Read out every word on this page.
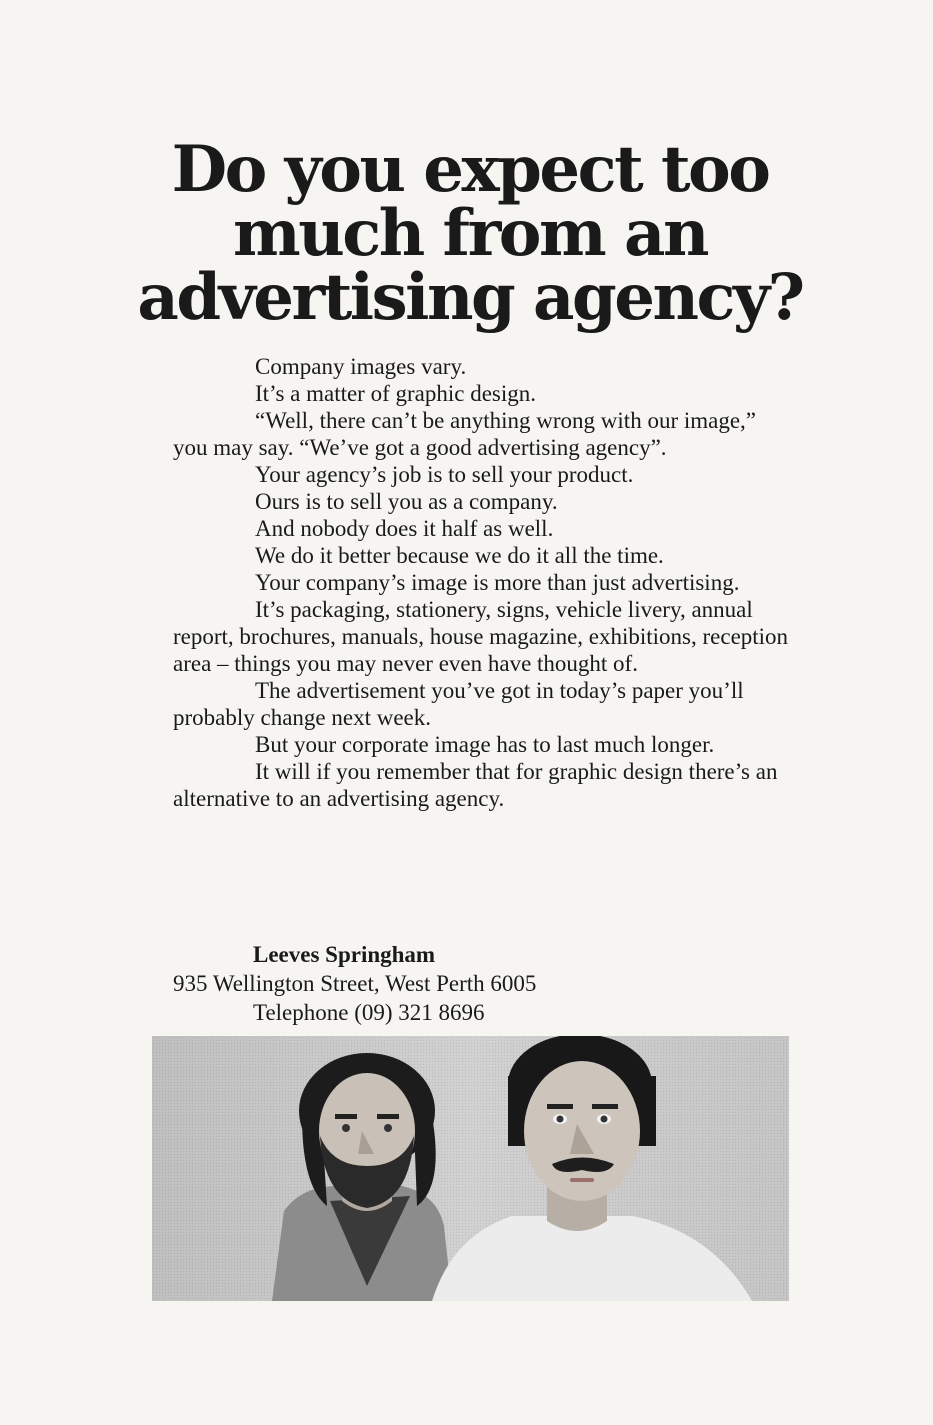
Do you expect too
much from an
advertising agency?

Company images vary.

It’s a matter of graphic design.

“Well, there can’t be anything wrong with our image,” you may say. “We’ve got a good advertising agency”.

Your agency’s job is to sell your product.

Ours is to sell you as a company.

And nobody does it half as well.

We do it better because we do it all the time.

Your company’s image is more than just advertising.

It’s packaging, stationery, signs, vehicle livery, annual report, brochures, manuals, house magazine, exhibitions, reception area – things you may never even have thought of.

The advertisement you’ve got in today’s paper you’ll probably change next week.

But your corporate image has to last much longer.

It will if you remember that for graphic design there’s an alternative to an advertising agency.

Leeves Springham
935 Wellington Street, West Perth 6005
Telephone (09) 321 8696
